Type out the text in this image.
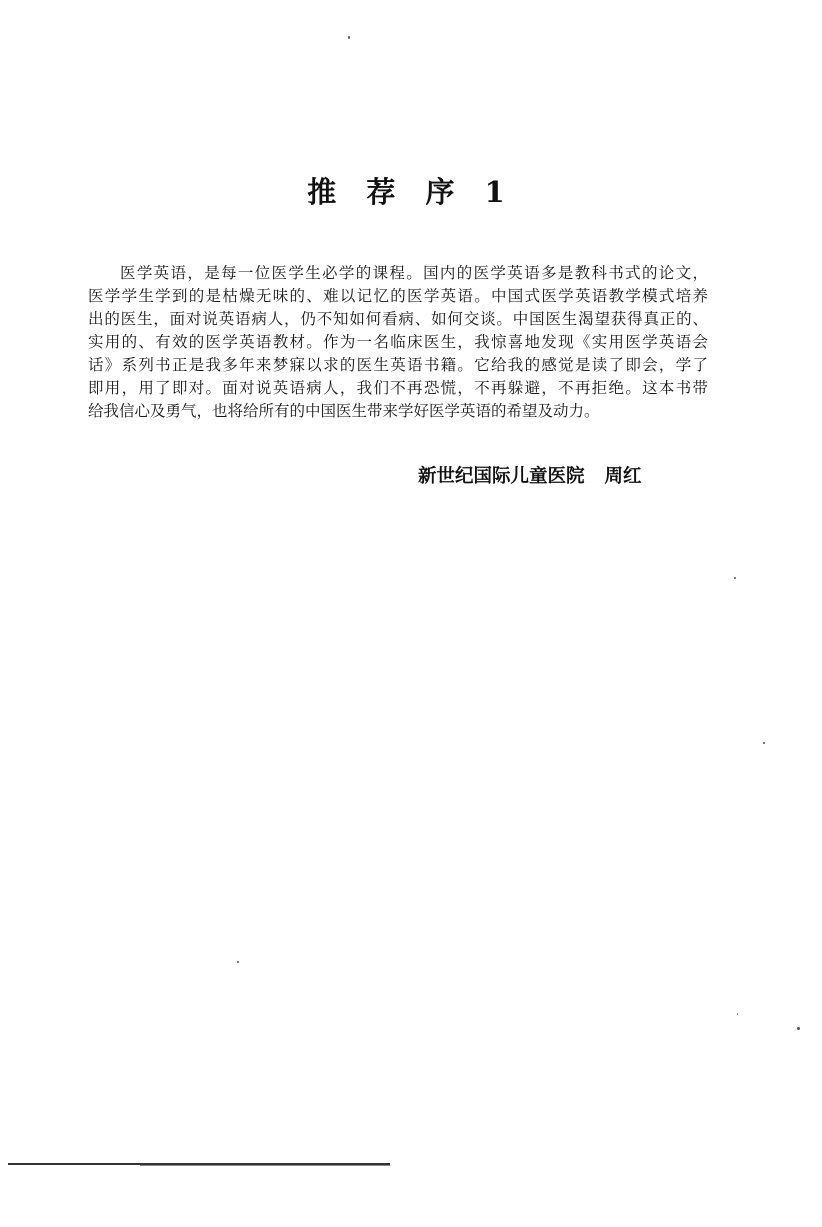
推 荐 序 1
医学英语，是每一位医学生必学的课程。国内的医学英语多是教科书式的论文，
医学学生学到的是枯燥无味的、难以记忆的医学英语。中国式医学英语教学模式培养
出的医生，面对说英语病人，仍不知如何看病、如何交谈。中国医生渴望获得真正的、
实用的、有效的医学英语教材。作为一名临床医生，我惊喜地发现《实用医学英语会
话》系列书正是我多年来梦寐以求的医生英语书籍。它给我的感觉是读了即会，学了
即用，用了即对。面对说英语病人，我们不再恐慌，不再躲避，不再拒绝。这本书带
给我信心及勇气，也将给所有的中国医生带来学好医学英语的希望及动力。
新世纪国际儿童医院 周红
